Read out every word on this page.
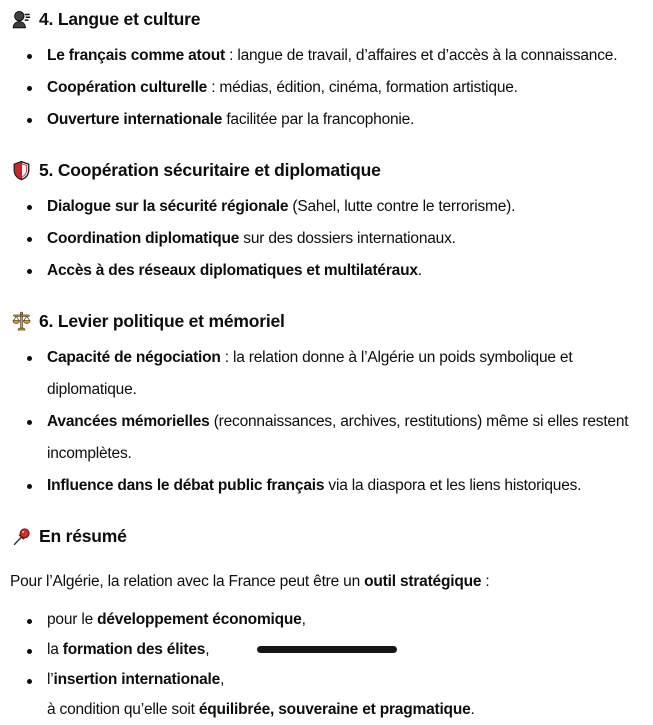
4. Langue et culture
Le français comme atout : langue de travail, d’affaires et d’accès à la connaissance.
Coopération culturelle : médias, édition, cinéma, formation artistique.
Ouverture internationale facilitée par la francophonie.
5. Coopération sécuritaire et diplomatique
Dialogue sur la sécurité régionale (Sahel, lutte contre le terrorisme).
Coordination diplomatique sur des dossiers internationaux.
Accès à des réseaux diplomatiques et multilatéraux.
6. Levier politique et mémoriel
Capacité de négociation : la relation donne à l’Algérie un poids symbolique et diplomatique.
Avancées mémorielles (reconnaissances, archives, restitutions) même si elles restent incomplètes.
Influence dans le débat public français via la diaspora et les liens historiques.
En résumé

Pour l’Algérie, la relation avec la France peut être un outil stratégique :

pour le développement économique,
la formation des élites,
l’insertion internationale,
à condition qu’elle soit équilibrée, souveraine et pragmatique.
